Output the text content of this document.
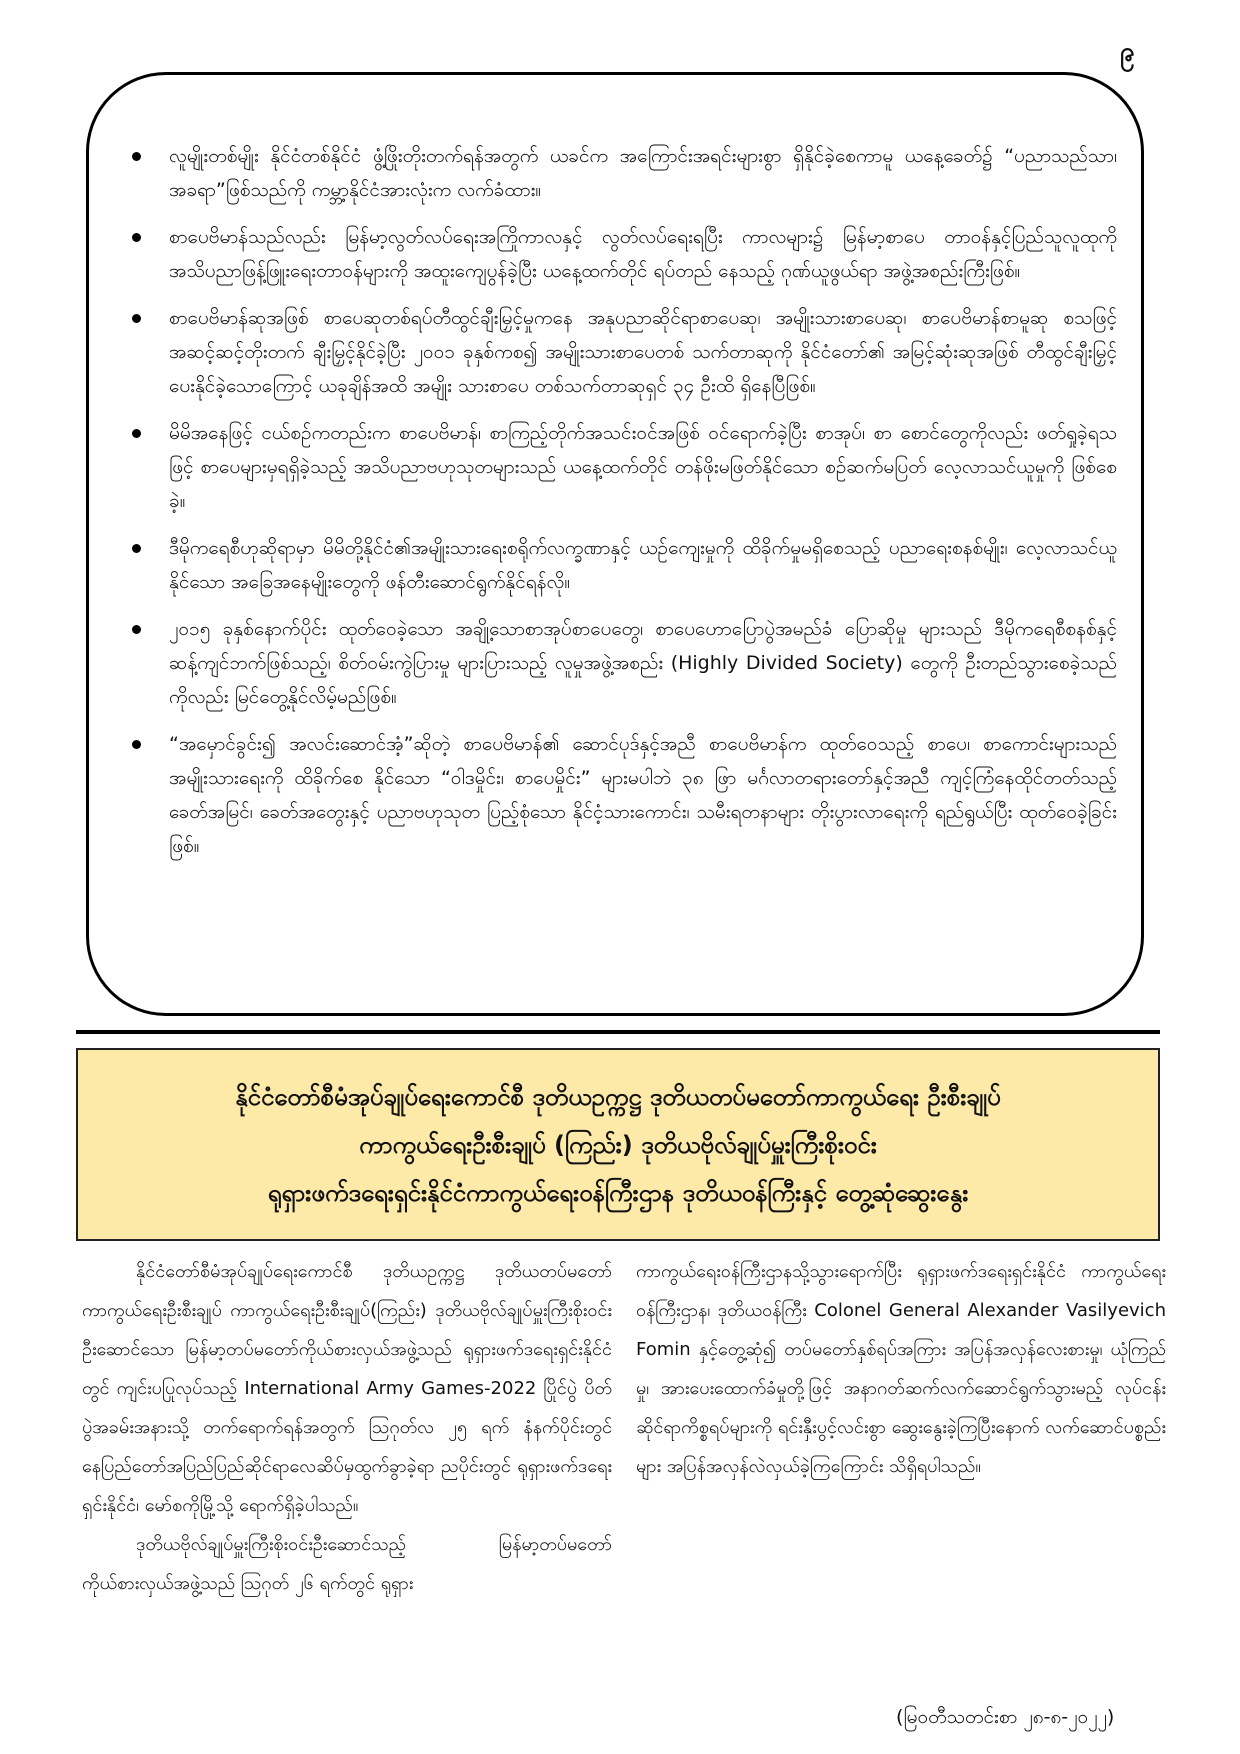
၉
လူမျိုးတစ်မျိုး နိုင်ငံတစ်နိုင်ငံ ဖွံ့ဖြိုးတိုးတက်ရန်အတွက် ယခင်က အကြောင်းအရင်းများစွာ ရှိနိုင်ခဲ့စေကာမူ ယနေ့ခေတ်၌ “ပညာသည်သာ၊ အခရာ”ဖြစ်သည်ကို ကမ္ဘာ့နိုင်ငံအားလုံးက လက်ခံထား။
စာပေဗိမာန်သည်လည်း မြန်မာ့လွတ်လပ်ရေးအကြိုကာလနှင့် လွတ်လပ်ရေးရပြီး ကာလများ၌ မြန်မာ့စာပေ တာဝန်နှင့်ပြည်သူလူထုကို အသိပညာဖြန့်ဖြူးရေးတာဝန်များကို အထူးကျေပွန်ခဲ့ပြီး ယနေ့ထက်တိုင် ရပ်တည် နေသည့် ဂုဏ်ယူဖွယ်ရာ အဖွဲ့အစည်းကြီးဖြစ်။
စာပေဗိမာန်ဆုအဖြစ် စာပေဆုတစ်ရပ်တီထွင်ချီးမြှင့်မှုကနေ အနုပညာဆိုင်ရာစာပေဆု၊ အမျိုးသားစာပေဆု၊ စာပေဗိမာန်စာမူဆု စသဖြင့် အဆင့်ဆင့်တိုးတက် ချီးမြှင့်နိုင်ခဲ့ပြီး ၂၀၀၁ ခုနှစ်ကစ၍ အမျိုးသားစာပေတစ် သက်တာဆုကို နိုင်ငံတော်၏ အမြင့်ဆုံးဆုအဖြစ် တီထွင်ချီးမြှင့်ပေးနိုင်ခဲ့သောကြောင့် ယခုချိန်အထိ အမျိုး သားစာပေ တစ်သက်တာဆုရှင် ၃၄ ဦးထိ ရှိနေပြီဖြစ်။
မိမိအနေဖြင့် ငယ်စဉ်ကတည်းက စာပေဗိမာန်၊ စာကြည့်တိုက်အသင်းဝင်အဖြစ် ဝင်ရောက်ခဲ့ပြီး စာအုပ်၊ စာ စောင်တွေကိုလည်း ဖတ်ရှုခဲ့ရသဖြင့် စာပေများမှရရှိခဲ့သည့် အသိပညာဗဟုသုတများသည် ယနေ့ထက်တိုင် တန်ဖိုးမဖြတ်နိုင်သော စဉ်ဆက်မပြတ် လေ့လာသင်ယူမှုကို ဖြစ်စေခဲ့။
ဒီမိုကရေစီဟုဆိုရာမှာ မိမိတို့နိုင်ငံ၏အမျိုးသားရေးစရိုက်လက္ခဏာနှင့် ယဉ်ကျေးမှုကို ထိခိုက်မှုမရှိစေသည့် ပညာရေးစနစ်မျိုး၊ လေ့လာသင်ယူနိုင်သော အခြေအနေမျိုးတွေကို ဖန်တီးဆောင်ရွက်နိုင်ရန်လို။
၂၀၁၅ ခုနှစ်နောက်ပိုင်း ထုတ်ဝေခဲ့သော အချို့သောစာအုပ်စာပေတွေ၊ စာပေဟောပြောပွဲအမည်ခံ ပြောဆိုမှု များသည် ဒီမိုကရေစီစနစ်နှင့် ဆန့်ကျင်ဘက်ဖြစ်သည့်၊ စိတ်ဝမ်းကွဲပြားမှု များပြားသည့် လူမှုအဖွဲ့အစည်း (Highly Divided Society) တွေကို ဦးတည်သွားစေခဲ့သည်ကိုလည်း မြင်တွေ့နိုင်လိမ့်မည်ဖြစ်။
“အမှောင်ခွင်း၍ အလင်းဆောင်အံ့”ဆိုတဲ့ စာပေဗိမာန်၏ ဆောင်ပုဒ်နှင့်အညီ စာပေဗိမာန်က ထုတ်ဝေသည့် စာပေ၊ စာကောင်းများသည် အမျိုးသားရေးကို ထိခိုက်စေ နိုင်သော “ဝါဒမှိုင်း၊ စာပေမှိုင်း” များမပါဘဲ ၃၈ ဖြာ မင်္ဂလာတရားတော်နှင့်အညီ ကျင့်ကြံနေထိုင်တတ်သည့် ခေတ်အမြင်၊ ခေတ်အတွေးနှင့် ပညာဗဟုသုတ ပြည့်စုံသော နိုင်ငံ့သားကောင်း၊ သမီးရတနာများ တိုးပွားလာရေးကို ရည်ရွယ်ပြီး ထုတ်ဝေခဲ့ခြင်းဖြစ်။
နိုင်ငံတော်စီမံအုပ်ချုပ်ရေးကောင်စီ ဒုတိယဥက္ကဋ္ဌ ဒုတိယတပ်မတော်ကာကွယ်ရေး ဦးစီးချုပ်
ကာကွယ်ရေးဦးစီးချုပ် (ကြည်း) ဒုတိယဗိုလ်ချုပ်မှူးကြီးစိုးဝင်း
ရုရှားဖက်ဒရေးရှင်းနိုင်ငံကာကွယ်ရေးဝန်ကြီးဌာန ဒုတိယဝန်ကြီးနှင့် တွေ့ဆုံဆွေးနွေး

နိုင်ငံတော်စီမံအုပ်ချုပ်ရေးကောင်စီ ဒုတိယဥက္ကဋ္ဌ ဒုတိယတပ်မတော်ကာကွယ်ရေးဦးစီးချုပ် ကာကွယ်ရေးဦးစီးချုပ်(ကြည်း) ဒုတိယဗိုလ်ချုပ်မှူးကြီးစိုးဝင်း ဦးဆောင်သော မြန်မာ့တပ်မတော်ကိုယ်စားလှယ်အဖွဲ့သည် ရုရှားဖက်ဒရေးရှင်းနိုင်ငံတွင် ကျင်းပပြုလုပ်သည့် International Army Games-2022 ပြိုင်ပွဲ ပိတ်ပွဲအခမ်းအနားသို့ တက်ရောက်ရန်အတွက် ဩဂုတ်လ ၂၅ ရက် နံနက်ပိုင်းတွင် နေပြည်တော်အပြည်ပြည်ဆိုင်ရာလေဆိပ်မှထွက်ခွာခဲ့ရာ ညပိုင်းတွင် ရုရှားဖက်ဒရေးရှင်းနိုင်ငံ၊ မော်စကိုမြို့သို့ ရောက်ရှိခဲ့ပါသည်။

ဒုတိယဗိုလ်ချုပ်မှူးကြီးစိုးဝင်းဦးဆောင်သည့် မြန်မာ့တပ်မတော်ကိုယ်စားလှယ်အဖွဲ့သည် ဩဂုတ် ၂၆ ရက်တွင် ရုရှား

ကာကွယ်ရေးဝန်ကြီးဌာနသို့သွားရောက်ပြီး ရုရှားဖက်ဒရေးရှင်းနိုင်ငံ ကာကွယ်ရေးဝန်ကြီးဌာန၊ ဒုတိယဝန်ကြီး Colonel General Alexander Vasilyevich Fomin နှင့်တွေ့ဆုံ၍ တပ်မတော်နှစ်ရပ်အကြား အပြန်အလှန်လေးစားမှု၊ ယုံကြည်မှု၊ အားပေးထောက်ခံမှုတို့ဖြင့် အနာဂတ်ဆက်လက်ဆောင်ရွက်သွားမည့် လုပ်ငန်းဆိုင်ရာကိစ္စရပ်များကို ရင်းနှီးပွင့်လင်းစွာ ဆွေးနွေးခဲ့ကြပြီးနောက် လက်ဆောင်ပစ္စည်းများ အပြန်အလှန်လဲလှယ်ခဲ့ကြကြောင်း သိရှိရပါသည်။

(မြဝတီသတင်းစာ ၂၈-၈-၂၀၂၂)
